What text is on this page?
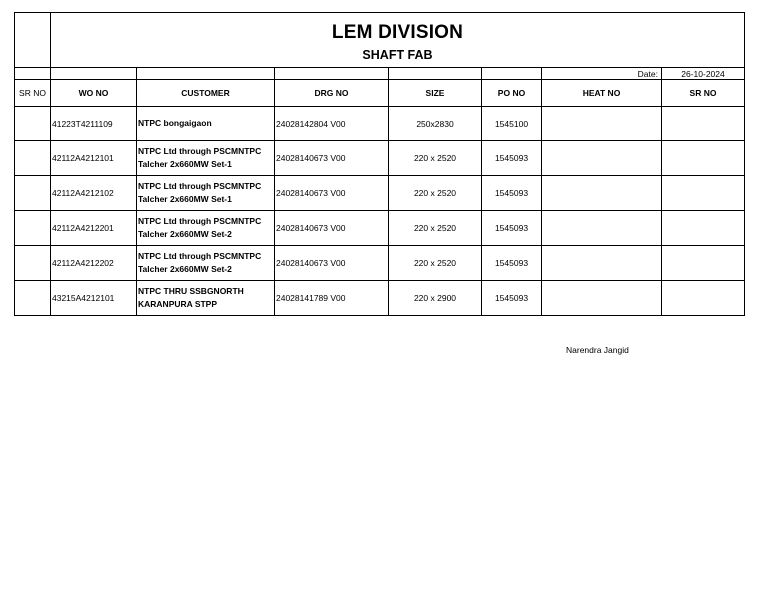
	LEM DIVISION
SHAFT FAB						

						Date:	26-10-2024
SR NO	WO NO	CUSTOMER	DRG NO	SIZE	PO NO	HEAT NO	SR NO
	41223T4211109	NTPC bongaigaon	24028142804 V00	250x2830	1545100		
	42112A4212101	NTPC Ltd through PSCMNTPC Talcher 2x660MW Set-1	24028140673 V00	220 x 2520	1545093		
	42112A4212102	NTPC Ltd through PSCMNTPC Talcher 2x660MW Set-1	24028140673 V00	220 x 2520	1545093		
	42112A4212201	NTPC Ltd through PSCMNTPC Talcher 2x660MW Set-2	24028140673 V00	220 x 2520	1545093		
	42112A4212202	NTPC Ltd through PSCMNTPC Talcher 2x660MW Set-2	24028140673 V00	220 x 2520	1545093		
	43215A4212101	NTPC THRU SSBGNORTH KARANPURA STPP	24028141789 V00	220 x 2900	1545093		
Narendra Jangid
